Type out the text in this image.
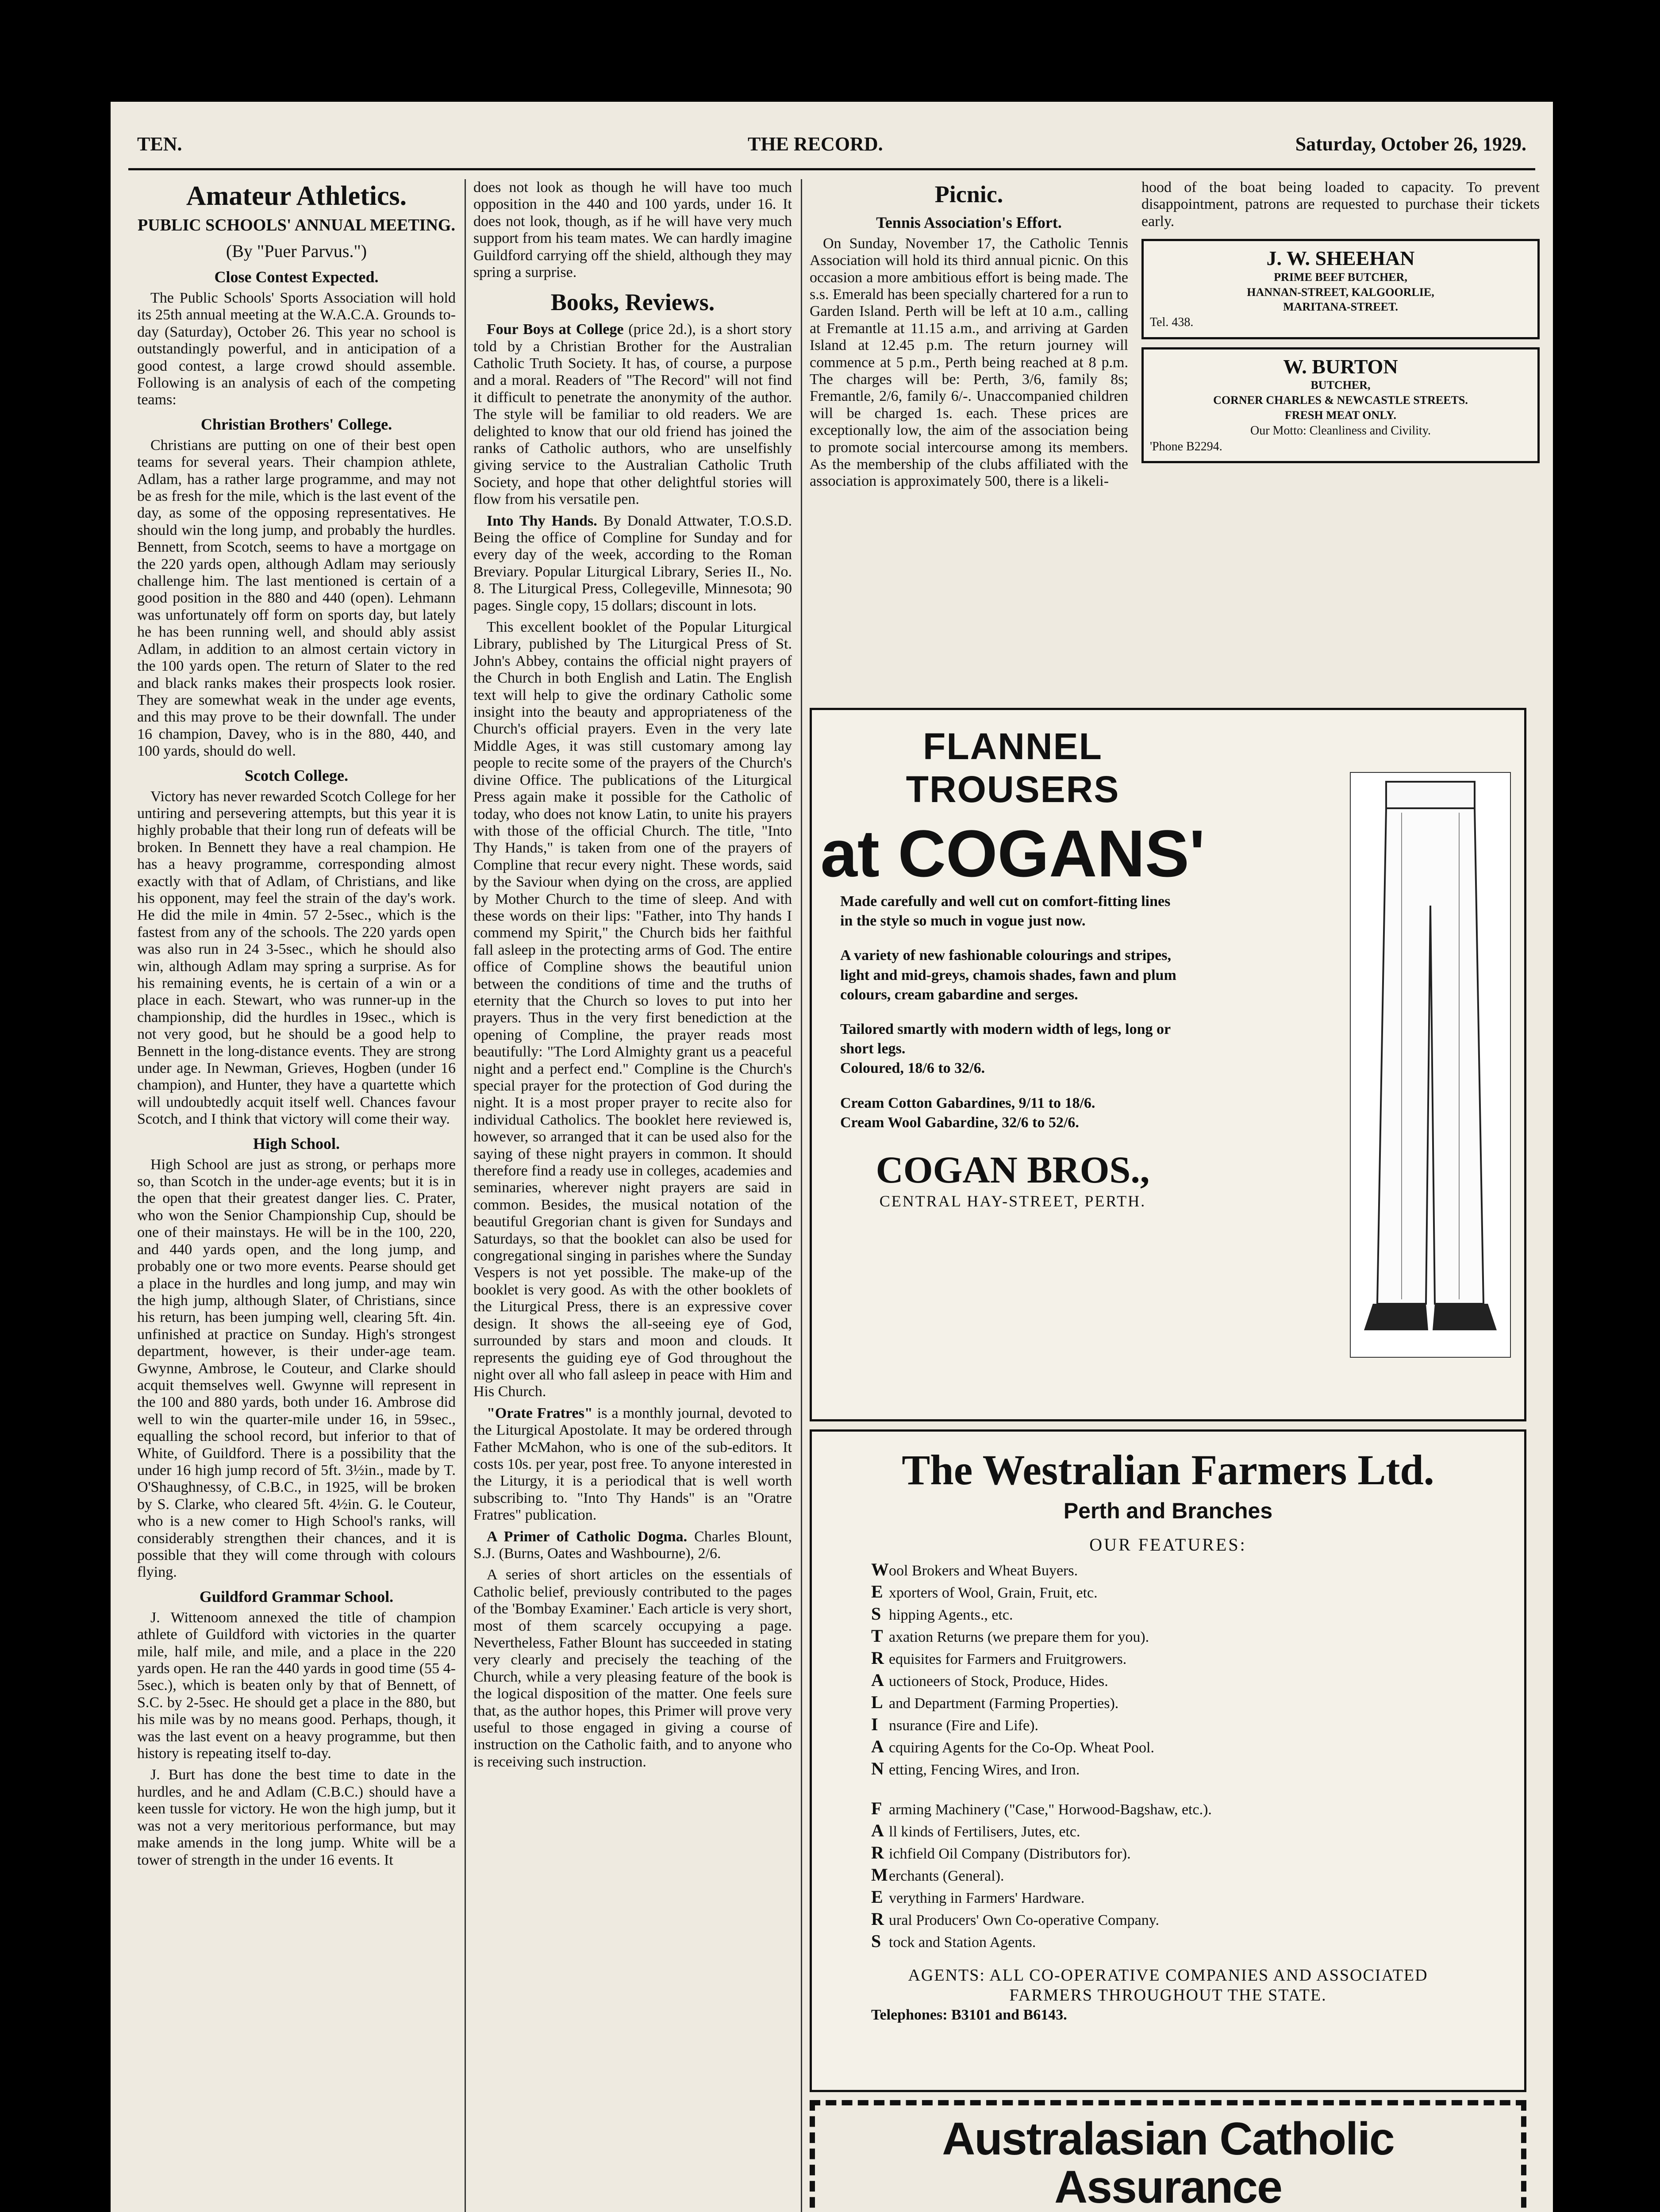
TEN.	THE RECORD.	Saturday, October 26, 1929.
Amateur Athletics.
PUBLIC SCHOOLS' ANNUAL MEETING.
(By "Puer Parvus.")
Close Contest Expected.

The Public Schools' Sports Association will hold its 25th annual meeting at the W.A.C.A. Grounds to-day (Saturday), October 26. This year no school is outstandingly powerful, and in anticipation of a good contest, a large crowd should assemble. Following is an analysis of each of the competing teams:

Christian Brothers' College.

Christians are putting on one of their best open teams for several years. Their champion athlete, Adlam, has a rather large programme, and may not be as fresh for the mile, which is the last event of the day, as some of the opposing representatives. He should win the long jump, and probably the hurdles. Bennett, from Scotch, seems to have a mortgage on the 220 yards open, although Adlam may seriously challenge him. The last mentioned is certain of a good position in the 880 and 440 (open). Lehmann was unfortunately off form on sports day, but lately he has been running well, and should ably assist Adlam, in addition to an almost certain victory in the 100 yards open. The return of Slater to the red and black ranks makes their prospects look rosier. They are somewhat weak in the under age events, and this may prove to be their downfall. The under 16 champion, Davey, who is in the 880, 440, and 100 yards, should do well.

Scotch College.

Victory has never rewarded Scotch College for her untiring and persevering attempts, but this year it is highly probable that their long run of defeats will be broken. In Bennett they have a real champion. He has a heavy programme, corresponding almost exactly with that of Adlam, of Christians, and like his opponent, may feel the strain of the day's work. He did the mile in 4min. 57 2-5sec., which is the fastest from any of the schools. The 220 yards open was also run in 24 3-5sec., which he should also win, although Adlam may spring a surprise. As for his remaining events, he is certain of a win or a place in each. Stewart, who was runner-up in the championship, did the hurdles in 19sec., which is not very good, but he should be a good help to Bennett in the long-distance events. They are strong under age. In Newman, Grieves, Hogben (under 16 champion), and Hunter, they have a quartette which will undoubtedly acquit itself well. Chances favour Scotch, and I think that victory will come their way.

High School.

High School are just as strong, or perhaps more so, than Scotch in the under-age events; but it is in the open that their greatest danger lies. C. Prater, who won the Senior Championship Cup, should be one of their mainstays. He will be in the 100, 220, and 440 yards open, and the long jump, and probably one or two more events. Pearse should get a place in the hurdles and long jump, and may win the high jump, although Slater, of Christians, since his return, has been jumping well, clearing 5ft. 4in. unfinished at practice on Sunday. High's strongest department, however, is their under-age team. Gwynne, Ambrose, le Couteur, and Clarke should acquit themselves well. Gwynne will represent in the 100 and 880 yards, both under 16. Ambrose did well to win the quarter-mile under 16, in 59sec., equalling the school record, but inferior to that of White, of Guildford. There is a possibility that the under 16 high jump record of 5ft. 3½in., made by T. O'Shaughnessy, of C.B.C., in 1925, will be broken by S. Clarke, who cleared 5ft. 4½in. G. le Couteur, who is a new comer to High School's ranks, will considerably strengthen their chances, and it is possible that they will come through with colours flying.

Guildford Grammar School.

J. Wittenoom annexed the title of champion athlete of Guildford with victories in the quarter mile, half mile, and mile, and a place in the 220 yards open. He ran the 440 yards in good time (55 4-5sec.), which is beaten only by that of Bennett, of S.C. by 2-5sec. He should get a place in the 880, but his mile was by no means good. Perhaps, though, it was the last event on a heavy programme, but then history is repeating itself to-day.

J. Burt has done the best time to date in the hurdles, and he and Adlam (C.B.C.) should have a keen tussle for victory. He won the high jump, but it was not a very meritorious performance, but may make amends in the long jump. White will be a tower of strength in the under 16 events. It

does not look as though he will have too much opposition in the 440 and 100 yards, under 16. It does not look, though, as if he will have very much support from his team mates. We can hardly imagine Guildford carrying off the shield, although they may spring a surprise.

Books, Reviews.

Four Boys at College (price 2d.), is a short story told by a Christian Brother for the Australian Catholic Truth Society. It has, of course, a purpose and a moral. Readers of "The Record" will not find it difficult to penetrate the anonymity of the author. The style will be familiar to old readers. We are delighted to know that our old friend has joined the ranks of Catholic authors, who are unselfishly giving service to the Australian Catholic Truth Society, and hope that other delightful stories will flow from his versatile pen.

Into Thy Hands. By Donald Attwater, T.O.S.D. Being the office of Compline for Sunday and for every day of the week, according to the Roman Breviary. Popular Liturgical Library, Series II., No. 8. The Liturgical Press, Collegeville, Minnesota; 90 pages. Single copy, 15 dollars; discount in lots.

This excellent booklet of the Popular Liturgical Library, published by The Liturgical Press of St. John's Abbey, contains the official night prayers of the Church in both English and Latin. The English text will help to give the ordinary Catholic some insight into the beauty and appropriateness of the Church's official prayers. Even in the very late Middle Ages, it was still customary among lay people to recite some of the prayers of the Church's divine Office. The publications of the Liturgical Press again make it possible for the Catholic of today, who does not know Latin, to unite his prayers with those of the official Church. The title, "Into Thy Hands," is taken from one of the prayers of Compline that recur every night. These words, said by the Saviour when dying on the cross, are applied by Mother Church to the time of sleep. And with these words on their lips: "Father, into Thy hands I commend my Spirit," the Church bids her faithful fall asleep in the protecting arms of God. The entire office of Compline shows the beautiful union between the conditions of time and the truths of eternity that the Church so loves to put into her prayers. Thus in the very first benediction at the opening of Compline, the prayer reads most beautifully: "The Lord Almighty grant us a peaceful night and a perfect end." Compline is the Church's special prayer for the protection of God during the night. It is a most proper prayer to recite also for individual Catholics. The booklet here reviewed is, however, so arranged that it can be used also for the saying of these night prayers in common. It should therefore find a ready use in colleges, academies and seminaries, wherever night prayers are said in common. Besides, the musical notation of the beautiful Gregorian chant is given for Sundays and Saturdays, so that the booklet can also be used for congregational singing in parishes where the Sunday Vespers is not yet possible. The make-up of the booklet is very good. As with the other booklets of the Liturgical Press, there is an expressive cover design. It shows the all-seeing eye of God, surrounded by stars and moon and clouds. It represents the guiding eye of God throughout the night over all who fall asleep in peace with Him and His Church.

"Orate Fratres" is a monthly journal, devoted to the Liturgical Apostolate. It may be ordered through Father McMahon, who is one of the sub-editors. It costs 10s. per year, post free. To anyone interested in the Liturgy, it is a periodical that is well worth subscribing to. "Into Thy Hands" is an "Oratre Fratres" publication.

A Primer of Catholic Dogma. Charles Blount, S.J. (Burns, Oates and Washbourne), 2/6.

A series of short articles on the essentials of Catholic belief, previously contributed to the pages of the 'Bombay Examiner.' Each article is very short, most of them scarcely occupying a page. Nevertheless, Father Blount has succeeded in stating very clearly and precisely the teaching of the Church, while a very pleasing feature of the book is the logical disposition of the matter. One feels sure that, as the author hopes, this Primer will prove very useful to those engaged in giving a course of instruction on the Catholic faith, and to anyone who is receiving such instruction.

Picnic.
Tennis Association's Effort.

On Sunday, November 17, the Catholic Tennis Association will hold its third annual picnic. On this occasion a more ambitious effort is being made. The s.s. Emerald has been specially chartered for a run to Garden Island. Perth will be left at 10 a.m., calling at Fremantle at 11.15 a.m., and arriving at Garden Island at 12.45 p.m. The return journey will commence at 5 p.m., Perth being reached at 8 p.m. The charges will be: Perth, 3/6, family 8s; Fremantle, 2/6, family 6/-. Unaccompanied children will be charged 1s. each. These prices are exceptionally low, the aim of the association being to promote social intercourse among its members. As the membership of the clubs affiliated with the association is approximately 500, there is a likeli-

hood of the boat being loaded to capacity. To prevent disappointment, patrons are requested to purchase their tickets early.

J. W. SHEEHAN
PRIME BEEF BUTCHER,
HANNAN-STREET, KALGOORLIE,
MARITANA-STREET.
Tel. 438.
W. BURTON
BUTCHER,
CORNER CHARLES & NEWCASTLE STREETS.
FRESH MEAT ONLY.
Our Motto: Cleanliness and Civility.
'Phone B2294.
FLANNEL TROUSERS
at COGANS'

Made carefully and well cut on comfort-fitting lines in the style so much in vogue just now.

A variety of new fashionable colourings and stripes, light and mid-greys, chamois shades, fawn and plum colours, cream gabardine and serges.

Tailored smartly with modern width of legs, long or short legs.

Coloured, 18/6 to 32/6.

Cream Cotton Gabardines, 9/11 to 18/6.

Cream Wool Gabardine, 32/6 to 52/6.

COGAN BROS.,
CENTRAL HAY-STREET, PERTH.
The Westralian Farmers Ltd.
Perth and Branches
OUR FEATURES:
Wool Brokers and Wheat Buyers.
E xporters of Wool, Grain, Fruit, etc.
S hipping Agents., etc.
T axation Returns (we prepare them for you).
R equisites for Farmers and Fruitgrowers.
A uctioneers of Stock, Produce, Hides.
L and Department (Farming Properties).
I nsurance (Fire and Life).
A cquiring Agents for the Co-Op. Wheat Pool.
N etting, Fencing Wires, and Iron.
F arming Machinery ("Case," Horwood-Bagshaw, etc.).
A ll kinds of Fertilisers, Jutes, etc.
R ichfield Oil Company (Distributors for).
Merchants (General).
E verything in Farmers' Hardware.
R ural Producers' Own Co-operative Company.
S tock and Station Agents.
AGENTS: ALL CO-OPERATIVE COMPANIES AND ASSOCIATED
FARMERS THROUGHOUT THE STATE.
Telephones: B3101 and B6143.
Australasian Catholic Assurance
